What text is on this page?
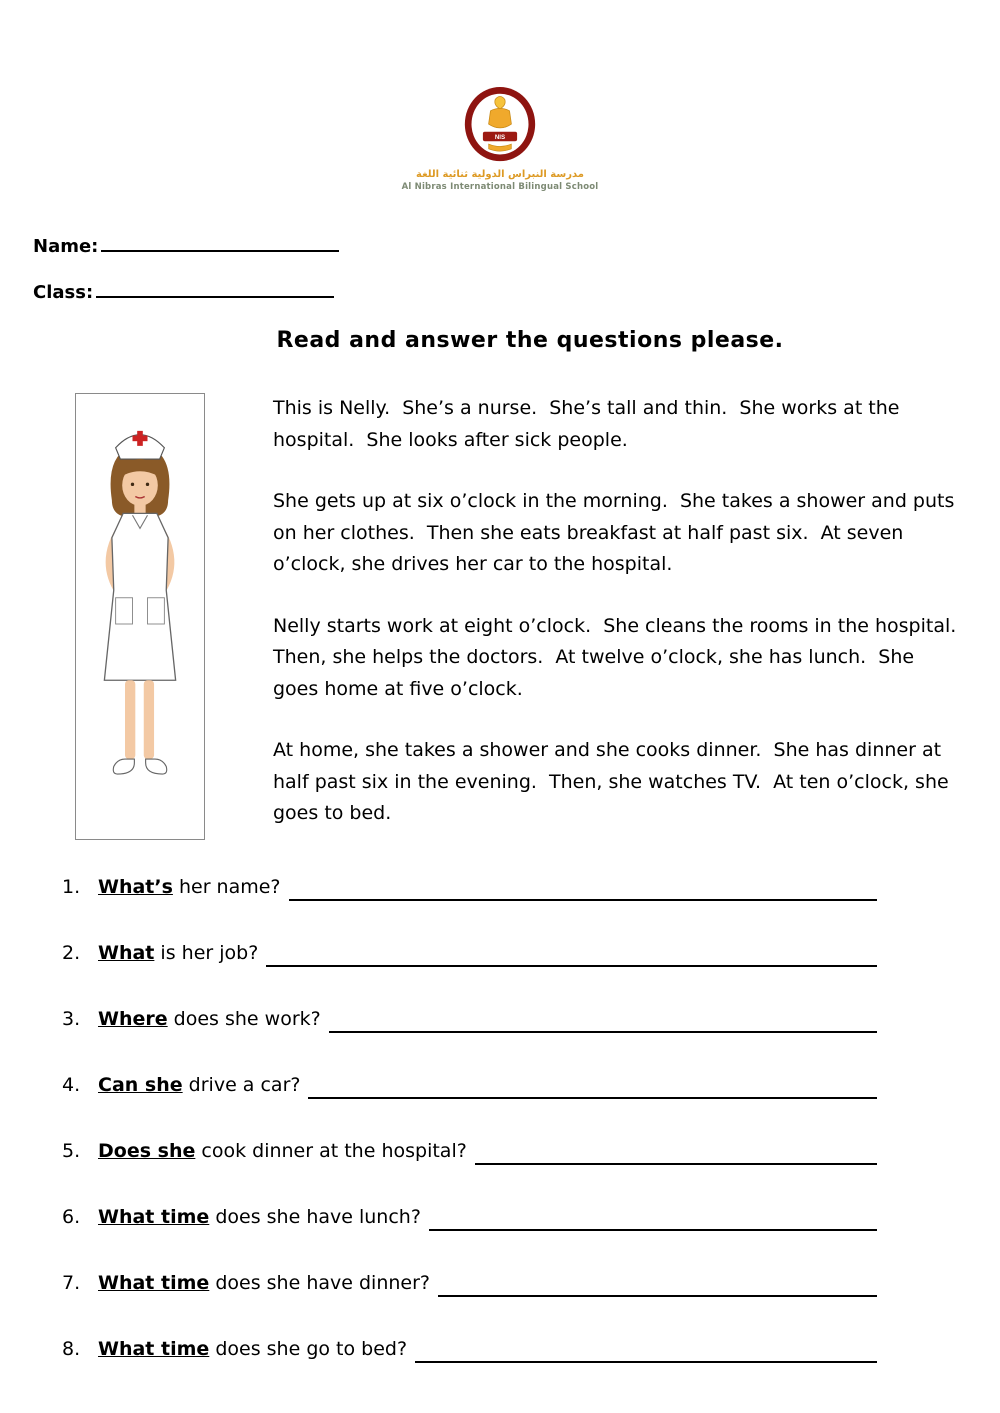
NIS
مدرسة النبراس الدولية ثنائية اللغة
Al Nibras International Bilingual School
Name:
Class:
Read and answer the questions please.

This is Nelly.  She’s a nurse.  She’s tall and thin.  She works at the hospital.  She looks after sick people.

She gets up at six o’clock in the morning.  She takes a shower and puts on her clothes.  Then she eats breakfast at half past six.  At seven o’clock, she drives her car to the hospital.

Nelly starts work at eight o’clock.  She cleans the rooms in the hospital.  Then, she helps the doctors.  At twelve o’clock, she has lunch.  She goes home at five o’clock.

At home, she takes a shower and she cooks dinner.  She has dinner at half past six in the evening.  Then, she watches TV.  At ten o’clock, she goes to bed.

1. What’s her name?
2. What is her job?
3. Where does she work?
4. Can she drive a car?
5. Does she cook dinner at the hospital?
6. What time does she have lunch?
7. What time does she have dinner?
8. What time does she go to bed?
